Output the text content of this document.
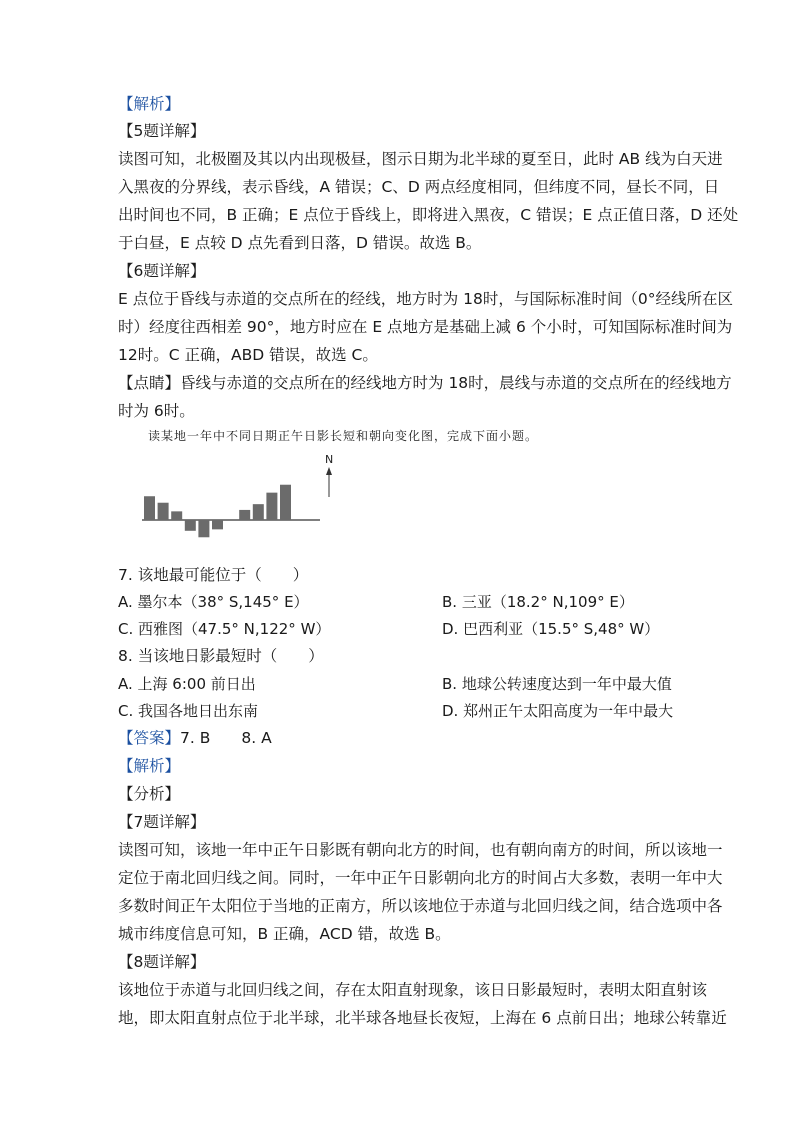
【解析】
【5题详解】
读图可知，北极圈及其以内出现极昼，图示日期为北半球的夏至日，此时 AB 线为白天进
入黑夜的分界线，表示昏线，A 错误；C、D 两点经度相同，但纬度不同，昼长不同，日
出时间也不同，B 正确；E 点位于昏线上，即将进入黑夜，C 错误；E 点正值日落，D 还处
于白昼，E 点较 D 点先看到日落，D 错误。故选 B。
【6题详解】
E 点位于昏线与赤道的交点所在的经线，地方时为 18时，与国际标准时间（0°经线所在区
时）经度往西相差 90°，地方时应在 E 点地方是基础上减 6 个小时，可知国际标准时间为
12时。C 正确，ABD 错误，故选 C。
【点睛】昏线与赤道的交点所在的经线地方时为 18时，晨线与赤道的交点所在的经线地方
时为 6时。
读某地一年中不同日期正午日影长短和朝向变化图，完成下面小题。
N
7. 该地最可能位于（　　）
A. 墨尔本（38° S,145° E）	B. 三亚（18.2° N,109° E）
C. 西雅图（47.5° N,122° W）	D. 巴西利亚（15.5° S,48° W）
8. 当该地日影最短时（　　）
A. 上海 6:00 前日出	B. 地球公转速度达到一年中最大值
C. 我国各地日出东南	D. 郑州正午太阳高度为一年中最大
【答案】7. B　　8. A
【解析】
【分析】
【7题详解】
读图可知，该地一年中正午日影既有朝向北方的时间，也有朝向南方的时间，所以该地一
定位于南北回归线之间。同时，一年中正午日影朝向北方的时间占大多数，表明一年中大
多数时间正午太阳位于当地的正南方，所以该地位于赤道与北回归线之间，结合选项中各
城市纬度信息可知，B 正确，ACD 错，故选 B。
【8题详解】
该地位于赤道与北回归线之间，存在太阳直射现象，该日日影最短时，表明太阳直射该
地，即太阳直射点位于北半球，北半球各地昼长夜短，上海在 6 点前日出；地球公转靠近
